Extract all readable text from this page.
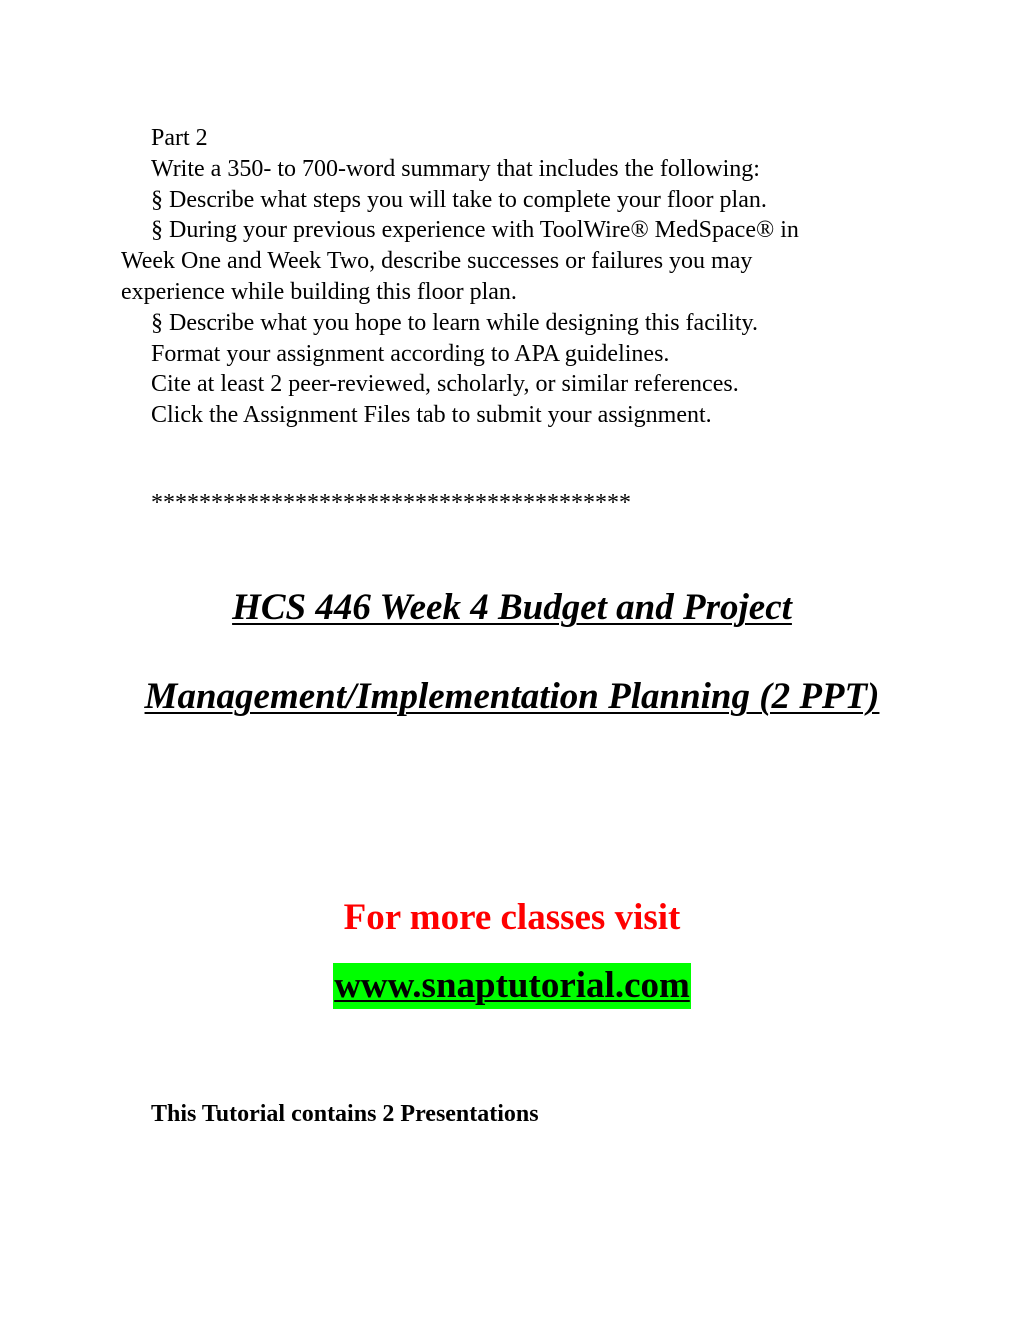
Part 2
Write a 350- to 700-word summary that includes the following:
§ Describe what steps you will take to complete your floor plan.
§ During your previous experience with ToolWire® MedSpace® in
Week One and Week Two, describe successes or failures you may
experience while building this floor plan.
§ Describe what you hope to learn while designing this facility.
Format your assignment according to APA guidelines.
Cite at least 2 peer-reviewed, scholarly, or similar references.
Click the Assignment Files tab to submit your assignment.
****************************************
HCS 446 Week 4 Budget and Project
Management/Implementation Planning (2 PPT)
For more classes visit
www.snaptutorial.com
This Tutorial contains 2 Presentations
